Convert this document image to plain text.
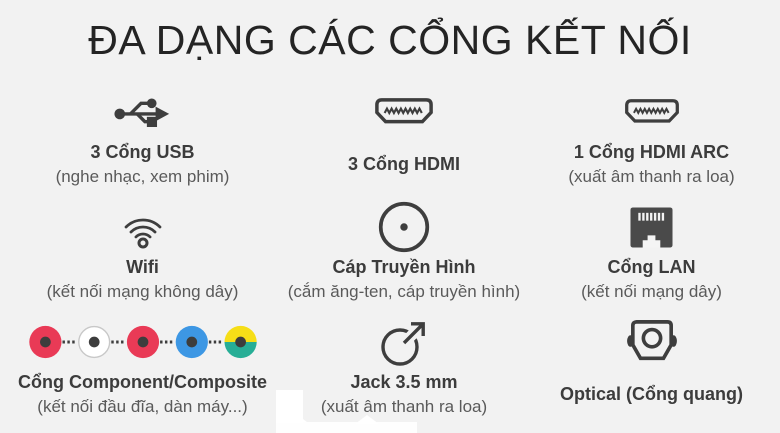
ĐA DẠNG CÁC CỔNG KẾT NỐI
3 Cổng USB
(nghe nhạc, xem phim)
3 Cổng HDMI
1 Cổng HDMI ARC
(xuất âm thanh ra loa)
Wifi
(kết nối mạng không dây)
Cáp Truyền Hình
(cắm ăng-ten, cáp truyền hình)
Cổng LAN
(kết nối mạng dây)
Cổng Component/Composite
(kết nối đầu đĩa, dàn máy...)
Jack 3.5 mm
(xuất âm thanh ra loa)
Optical (Cổng quang)
